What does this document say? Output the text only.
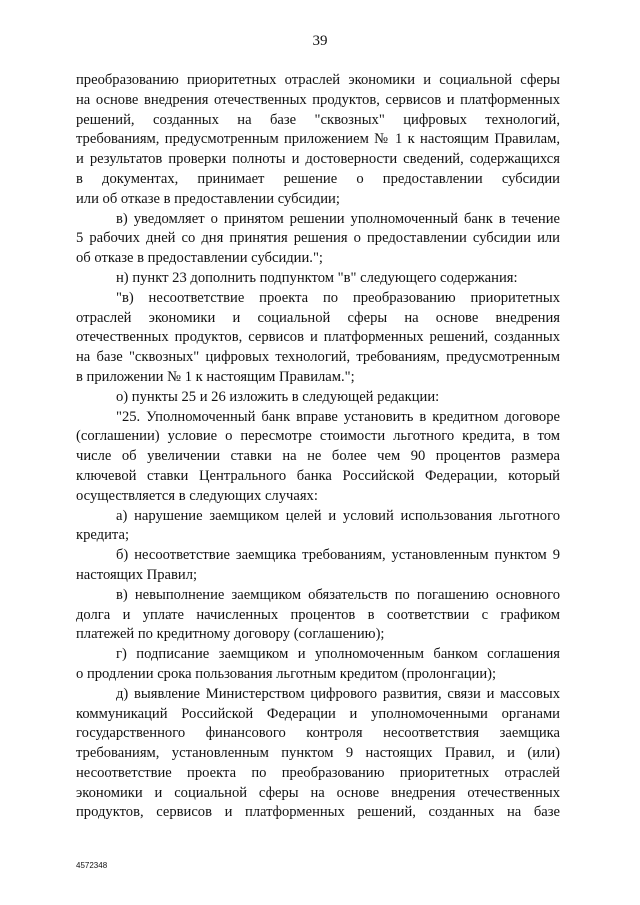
39
преобразованию приоритетных отраслей экономики и социальной сферы
на основе внедрения отечественных продуктов, сервисов и платформенных
решений, созданных на базе "сквозных" цифровых технологий,
требованиям, предусмотренным приложением № 1 к настоящим Правилам,
и результатов проверки полноты и достоверности сведений, содержащихся
в документах, принимает решение о предоставлении субсидии
или об отказе в предоставлении субсидии;
в) уведомляет о принятом решении уполномоченный банк в течение
5 рабочих дней со дня принятия решения о предоставлении субсидии или
об отказе в предоставлении субсидии.";
н) пункт 23 дополнить подпунктом "в" следующего содержания:
"в) несоответствие проекта по преобразованию приоритетных
отраслей экономики и социальной сферы на основе внедрения
отечественных продуктов, сервисов и платформенных решений, созданных
на базе "сквозных" цифровых технологий, требованиям, предусмотренным
в приложении № 1 к настоящим Правилам.";
о) пункты 25 и 26 изложить в следующей редакции:
"25. Уполномоченный банк вправе установить в кредитном договоре
(соглашении) условие о пересмотре стоимости льготного кредита, в том
числе об увеличении ставки на не более чем 90 процентов размера
ключевой ставки Центрального банка Российской Федерации, который
осуществляется в следующих случаях:
а) нарушение заемщиком целей и условий использования льготного
кредита;
б) несоответствие заемщика требованиям, установленным пунктом 9
настоящих Правил;
в) невыполнение заемщиком обязательств по погашению основного
долга и уплате начисленных процентов в соответствии с графиком
платежей по кредитному договору (соглашению);
г) подписание заемщиком и уполномоченным банком соглашения
о продлении срока пользования льготным кредитом (пролонгации);
д) выявление Министерством цифрового развития, связи и массовых
коммуникаций Российской Федерации и уполномоченными органами
государственного финансового контроля несоответствия заемщика
требованиям, установленным пунктом 9 настоящих Правил, и (или)
несоответствие проекта по преобразованию приоритетных отраслей
экономики и социальной сферы на основе внедрения отечественных
продуктов, сервисов и платформенных решений, созданных на базе
4572348
